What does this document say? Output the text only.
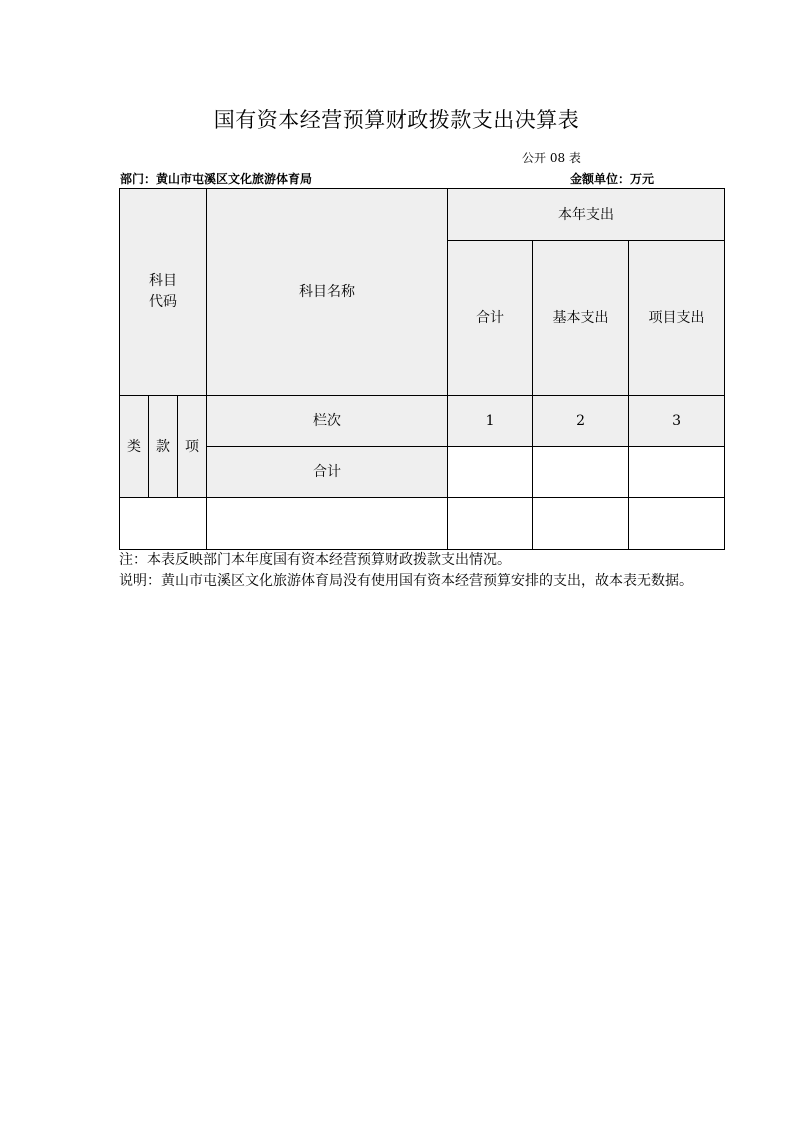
国有资本经营预算财政拨款支出决算表
公开 08 表
部门：黄山市屯溪区文化旅游体育局	金额单位：万元
科目代码			科目名称	本年支出		
				合计	基本支出	项目支出
类	款	项	栏次	1	2	3
			合计			

注：本表反映部门本年度国有资本经营预算财政拨款支出情况。
说明：黄山市屯溪区文化旅游体育局没有使用国有资本经营预算安排的支出，故本表无数据。
